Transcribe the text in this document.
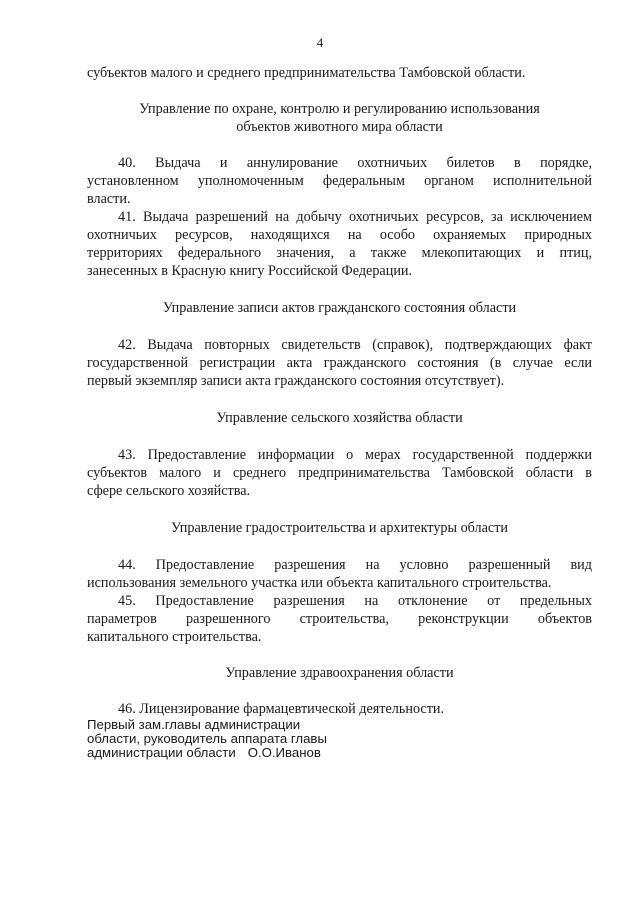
4

субъектов малого и среднего предпринимательства Тамбовской области.

Управление по охране, контролю и регулированию использования

объектов животного мира области

40. Выдача и аннулирование охотничьих билетов в порядке,

установленном уполномоченным федеральным органом исполнительной

власти.

41. Выдача разрешений на добычу охотничьих ресурсов, за исключением

охотничьих ресурсов, находящихся на особо охраняемых природных

территориях федерального значения, а также млекопитающих и птиц,

занесенных в Красную книгу Российской Федерации.

Управление записи актов гражданского состояния области

42. Выдача повторных свидетельств (справок), подтверждающих факт

государственной регистрации акта гражданского состояния (в случае если

первый экземпляр записи акта гражданского состояния отсутствует).

Управление сельского хозяйства области

43. Предоставление информации о мерах государственной поддержки

субъектов малого и среднего предпринимательства Тамбовской области в

сфере сельского хозяйства.

Управление градостроительства и архитектуры области

44. Предоставление разрешения на условно разрешенный вид

использования земельного участка или объекта капитального строительства.

45. Предоставление разрешения на отклонение от предельных

параметров разрешенного строительства, реконструкции объектов

капитального строительства.

Управление здравоохранения области

46. Лицензирование фармацевтической деятельности.

Первый зам.главы администрации
области, руководитель аппарата главы
администрации области О.О.Иванов
